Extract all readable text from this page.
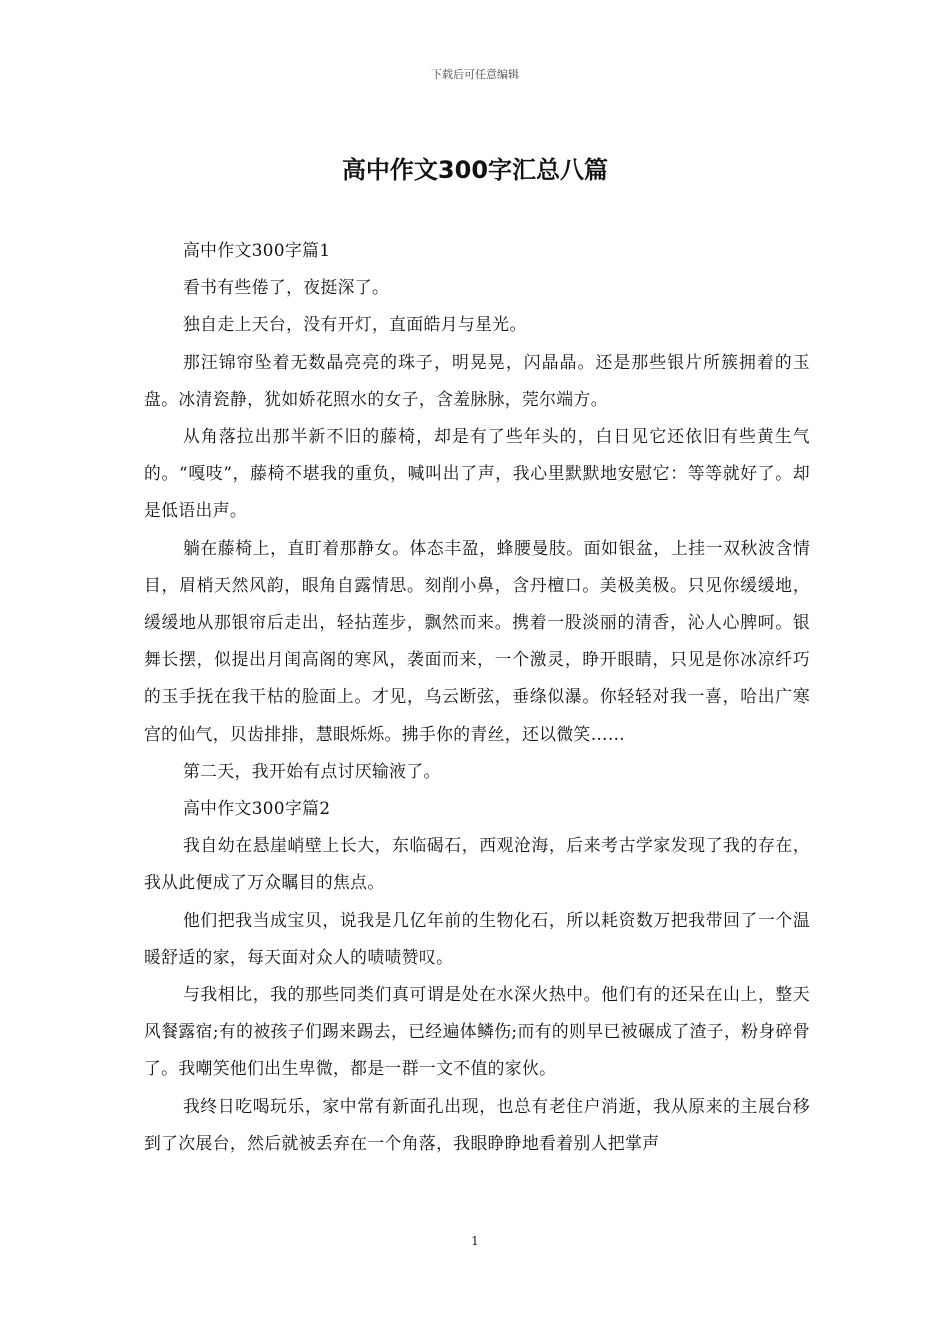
下载后可任意编辑
高中作文300字汇总八篇

高中作文300字篇1

看书有些倦了，夜挺深了。

独自走上天台，没有开灯，直面皓月与星光。

那汪锦帘坠着无数晶亮亮的珠子，明晃晃，闪晶晶。还是那些银片所簇拥着的玉盘。冰清瓷静，犹如娇花照水的女子，含羞脉脉，莞尔端方。

从角落拉出那半新不旧的藤椅，却是有了些年头的，白日见它还依旧有些黄生气的。“嘎吱”，藤椅不堪我的重负，喊叫出了声，我心里默默地安慰它：等等就好了。却是低语出声。

躺在藤椅上，直盯着那静女。体态丰盈，蜂腰曼肢。面如银盆，上挂一双秋波含情目，眉梢天然风韵，眼角自露情思。刻削小鼻，含丹檀口。美极美极。只见你缓缓地，缓缓地从那银帘后走出，轻拈莲步，飘然而来。携着一股淡丽的清香，沁人心脾呵。银舞长摆，似提出月闺高阁的寒风，袭面而来，一个激灵，睁开眼睛，只见是你冰凉纤巧的玉手抚在我干枯的脸面上。才见，乌云断弦，垂绦似瀑。你轻轻对我一喜，哈出广寒宫的仙气，贝齿排排，慧眼烁烁。拂手你的青丝，还以微笑……

第二天，我开始有点讨厌输液了。

高中作文300字篇2

我自幼在悬崖峭壁上长大，东临碣石，西观沧海，后来考古学家发现了我的存在，我从此便成了万众瞩目的焦点。

他们把我当成宝贝，说我是几亿年前的生物化石，所以耗资数万把我带回了一个温暖舒适的家，每天面对众人的啧啧赞叹。

与我相比，我的那些同类们真可谓是处在水深火热中。他们有的还呆在山上，整天风餐露宿;有的被孩子们踢来踢去，已经遍体鳞伤;而有的则早已被碾成了渣子，粉身碎骨了。我嘲笑他们出生卑微，都是一群一文不值的家伙。

我终日吃喝玩乐，家中常有新面孔出现，也总有老住户消逝，我从原来的主展台移到了次展台，然后就被丢弃在一个角落，我眼睁睁地看着别人把掌声

1
